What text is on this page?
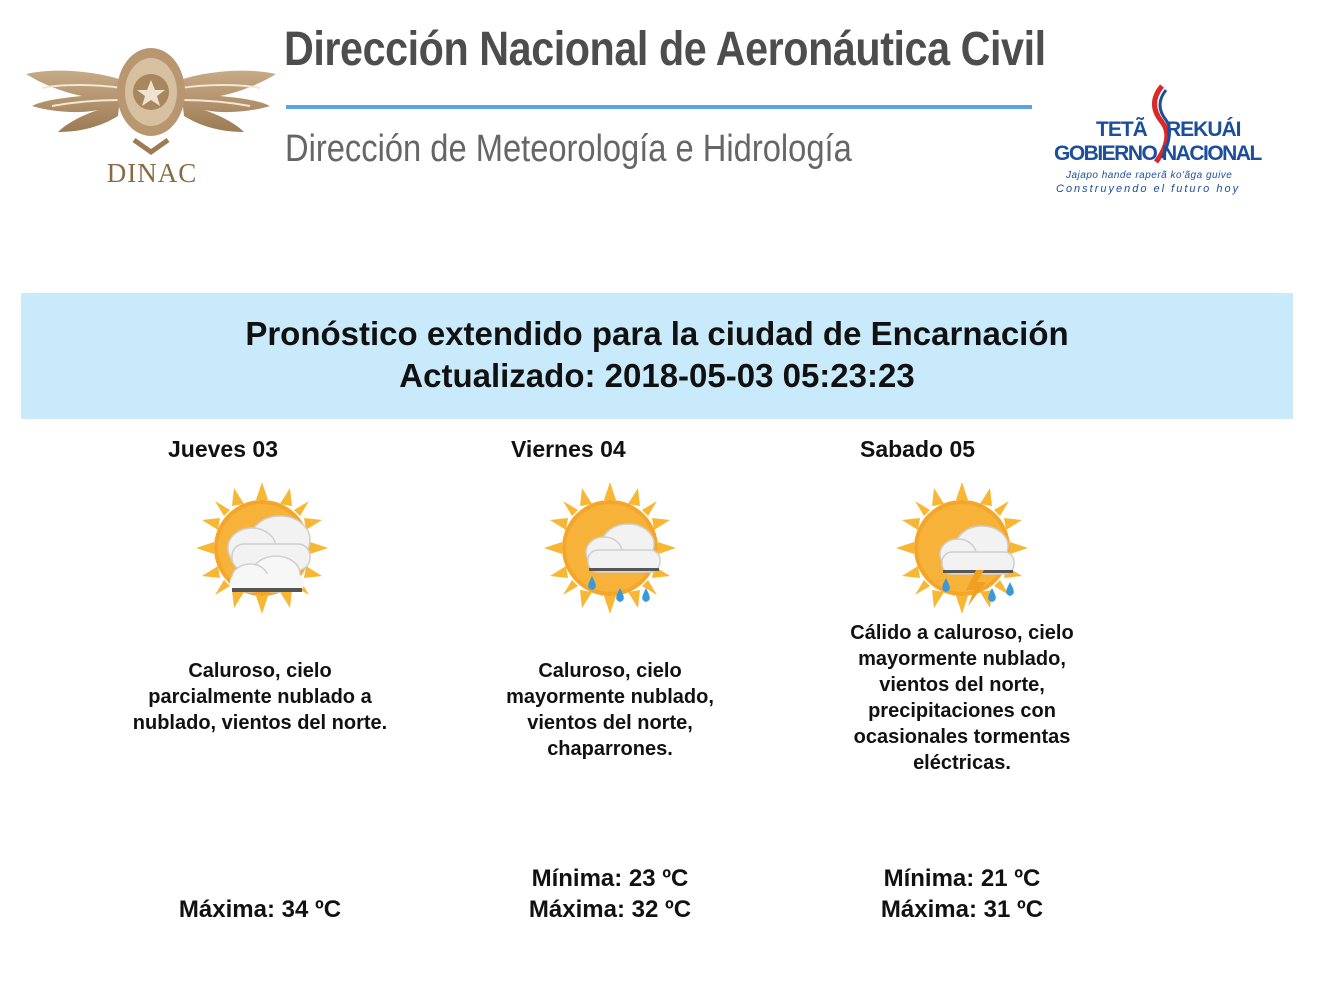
DINAC
Dirección Nacional de Aeronáutica Civil
Dirección de Meteorología e Hidrología	TETÃ REKUÁI
GOBIERNO NACIONAL
Jajapo hande raperã ko'ãga guive
Construyendo el futuro hoy
Pronóstico extendido para la ciudad de Encarnación
Actualizado: 2018-05-03 05:23:23
Jueves 03
Caluroso, cielo parcialmente nublado a nublado, vientos del norte.
Máxima: 34 ºC
Viernes 04
Caluroso, cielo mayormente nublado, vientos del norte, chaparrones.
Mínima: 23 ºC
Máxima: 32 ºC
Sabado 05
Cálido a caluroso, cielo mayormente nublado, vientos del norte, precipitaciones con ocasionales tormentas eléctricas.
Mínima: 21 ºC
Máxima: 31 ºC
